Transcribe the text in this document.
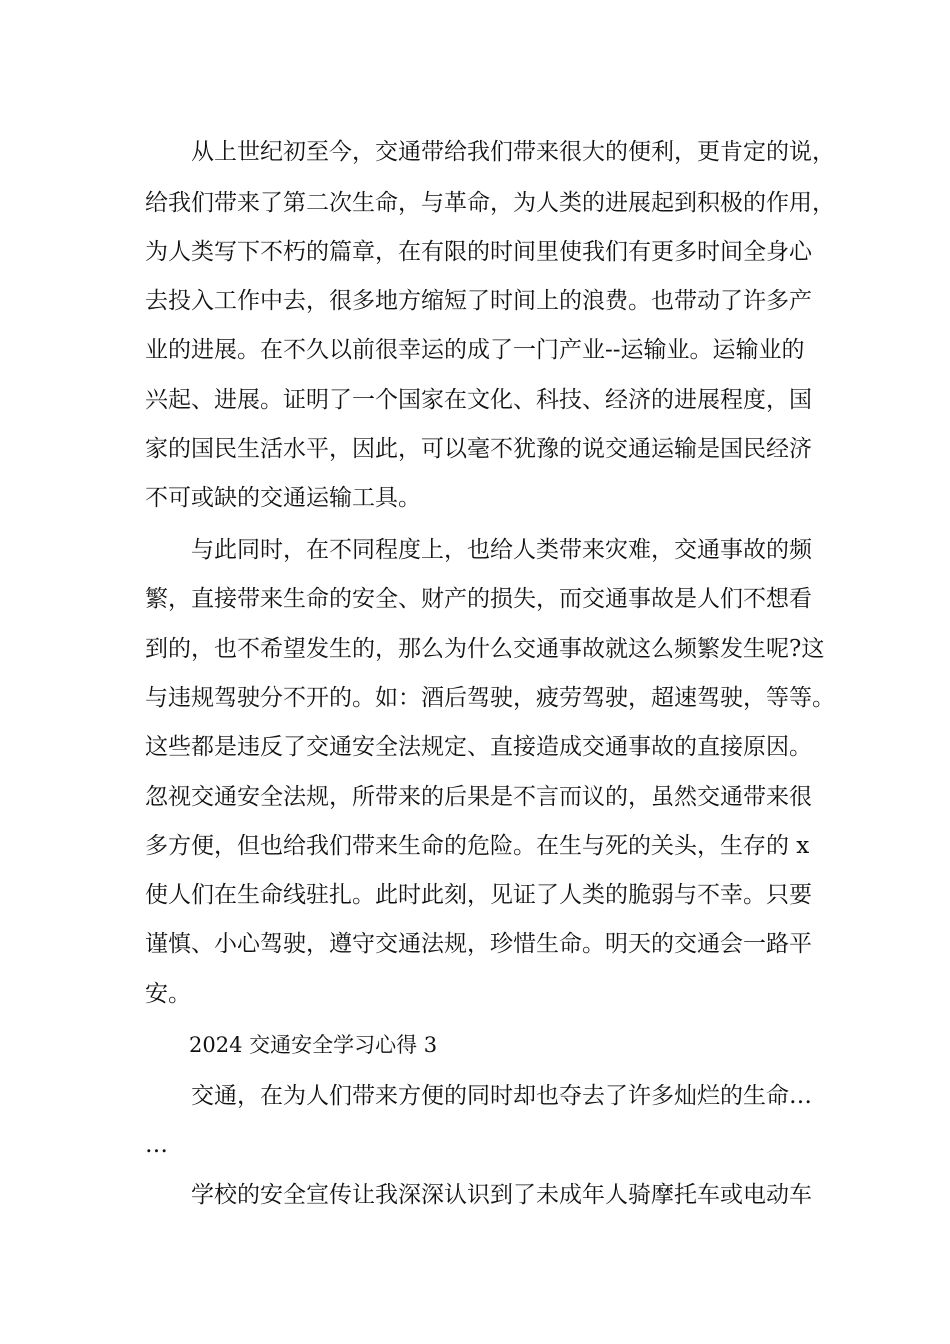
从上世纪初至今，交通带给我们带来很大的便利，更肯定的说，
给我们带来了第二次生命，与革命，为人类的进展起到积极的作用，
为人类写下不朽的篇章，在有限的时间里使我们有更多时间全身心
去投入工作中去，很多地方缩短了时间上的浪费。也带动了许多产
业的进展。在不久以前很幸运的成了一门产业--运输业。运输业的
兴起、进展。证明了一个国家在文化、科技、经济的进展程度，国
家的国民生活水平，因此，可以毫不犹豫的说交通运输是国民经济
不可或缺的交通运输工具。
与此同时，在不同程度上，也给人类带来灾难，交通事故的频
繁，直接带来生命的安全、财产的损失，而交通事故是人们不想看
到的，也不希望发生的，那么为什么交通事故就这么频繁发生呢?这
与违规驾驶分不开的。如：酒后驾驶，疲劳驾驶，超速驾驶，等等。
这些都是违反了交通安全法规定、直接造成交通事故的直接原因。
忽视交通安全法规，所带来的后果是不言而议的，虽然交通带来很
多方便，但也给我们带来生命的危险。在生与死的关头，生存的 x
使人们在生命线驻扎。此时此刻，见证了人类的脆弱与不幸。只要
谨慎、小心驾驶，遵守交通法规，珍惜生命。明天的交通会一路平
安。
2024 交通安全学习心得 3
交通，在为人们带来方便的同时却也夺去了许多灿烂的生命…
…
学校的安全宣传让我深深认识到了未成年人骑摩托车或电动车
